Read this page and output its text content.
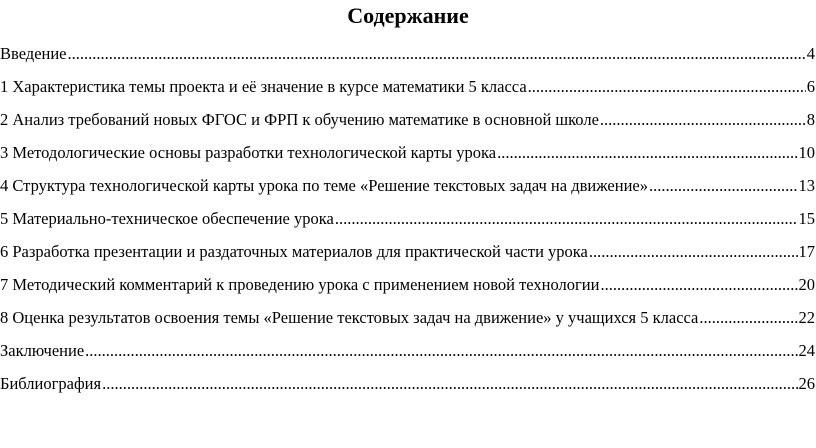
Содержание
Введение .....	4
1 Характеристика темы проекта и её значение в курсе математики 5 класса .....	6
2 Анализ требований новых ФГОС и ФРП к обучению математике в основной школе .....	8
3 Методологические основы разработки технологической карты урока .....	10
4 Структура технологической карты урока по теме «Решение текстовых задач на движение» .....	13
5 Материально-техническое обеспечение урока .....	15
6 Разработка презентации и раздаточных материалов для практической части урока .....	17
7 Методический комментарий к проведению урока с применением новой технологии .....	20
8 Оценка результатов освоения темы «Решение текстовых задач на движение» у учащихся 5 класса .....	22
Заключение .....	24
Библиография .....	26
